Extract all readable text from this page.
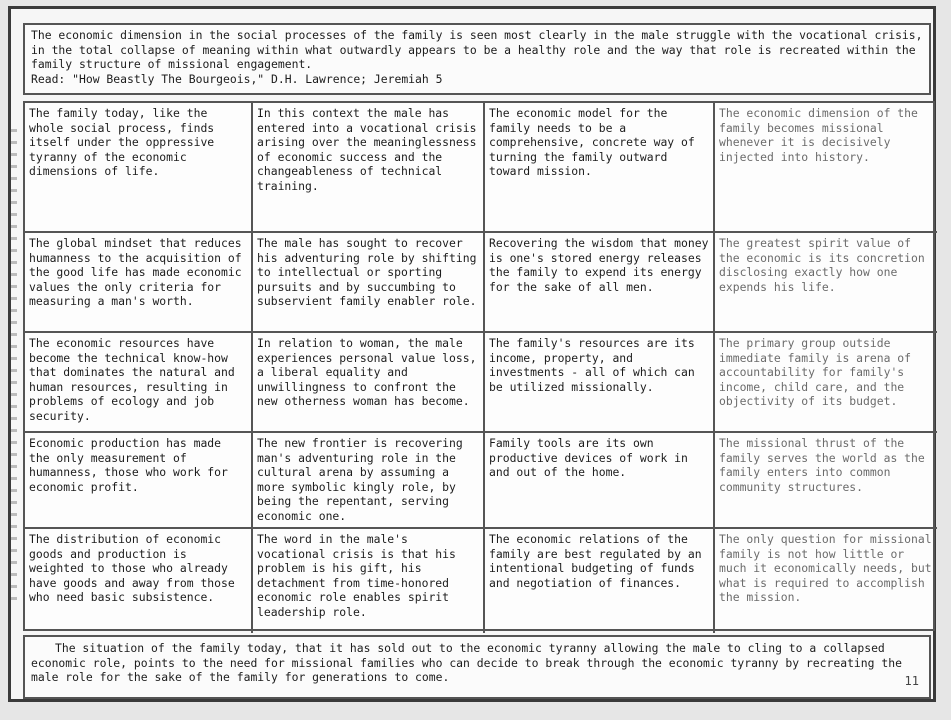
The economic dimension in the social processes of the family is seen most clearly in the male struggle with the vocational crisis, in the total collapse of meaning within what outwardly appears to be a healthy role and the way that role is recreated within the family structure of missional engagement.

Read: "How Beastly The Bourgeois," D.H. Lawrence; Jeremiah 5

The family today, like the whole social process, finds itself under the oppressive tyranny of the economic dimensions of life.
In this context the male has entered into a vocational crisis arising over the meaninglessness of economic success and the changeableness of technical training.
The economic model for the family needs to be a comprehensive, concrete way of turning the family outward toward mission.
The economic dimension of the family becomes missional whenever it is decisively injected into history.
The global mindset that reduces humanness to the acquisition of the good life has made economic values the only criteria for measuring a man's worth.
The male has sought to recover his adventuring role by shifting to intellectual or sporting pursuits and by succumbing to subservient family enabler role.
Recovering the wisdom that money is one's stored energy releases the family to expend its energy for the sake of all men.
The greatest spirit value of the economic is its concretion disclosing exactly how one expends his life.
The economic resources have become the technical know-how that dominates the natural and human resources, resulting in problems of ecology and job security.
In relation to woman, the male experiences personal value loss, a liberal equality and unwillingness to confront the new otherness woman has become.
The family's resources are its income, property, and investments - all of which can be utilized missionally.
The primary group outside immediate family is arena of accountability for family's income, child care, and the objectivity of its budget.
Economic production has made the only measurement of humanness, those who work for economic profit.
The new frontier is recovering man's adventuring role in the cultural arena by assuming a more symbolic kingly role, by being the repentant, serving economic one.
Family tools are its own productive devices of work in and out of the home.
The missional thrust of the family serves the world as the family enters into common community structures.
The distribution of economic goods and production is weighted to those who already have goods and away from those who need basic subsistence.
The word in the male's vocational crisis is that his problem is his gift, his detachment from time-honored economic role enables spirit leadership role.
The economic relations of the family are best regulated by an intentional budgeting of funds and negotiation of finances.
The only question for missional family is not how little or much it economically needs, but what is required to accomplish the mission.

The situation of the family today, that it has sold out to the economic tyranny allowing the male to cling to a collapsed economic role, points to the need for missional families who can decide to break through the economic tyranny by recreating the male role for the sake of the family for generations to come.	11
